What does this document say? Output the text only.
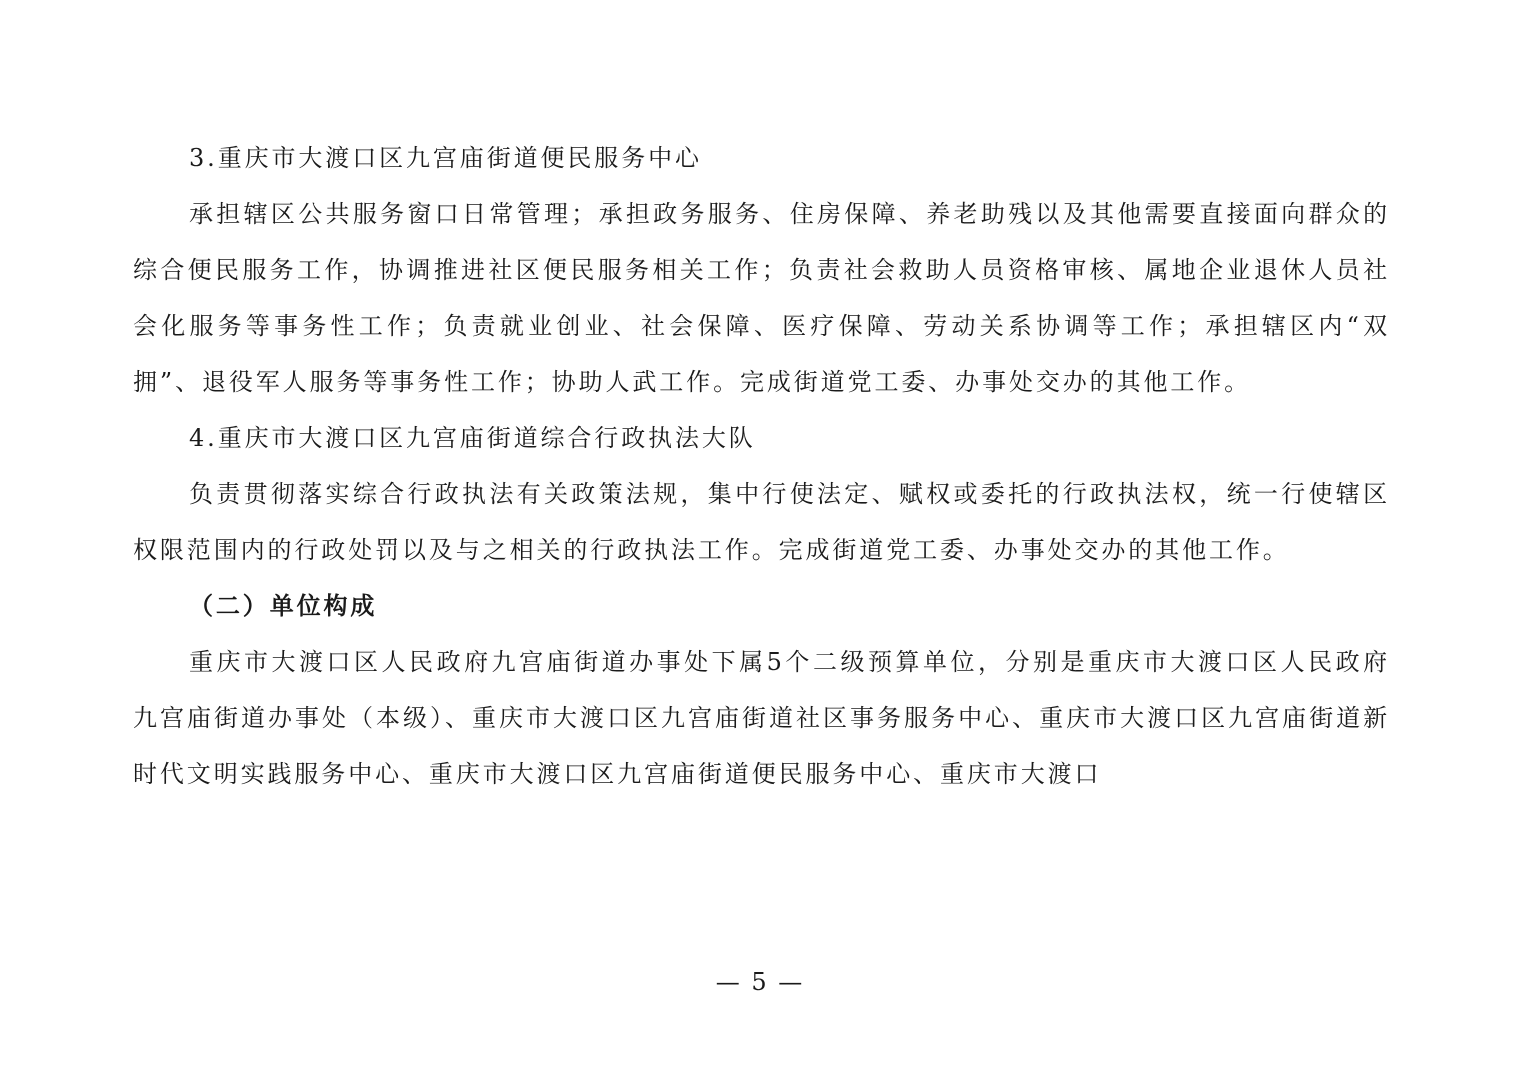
3.重庆市大渡口区九宫庙街道便民服务中心

承担辖区公共服务窗口日常管理；承担政务服务、住房保障、养老助残以及其他需要直接面向群众的综合便民服务工作，协调推进社区便民服务相关工作；负责社会救助人员资格审核、属地企业退休人员社会化服务等事务性工作；负责就业创业、社会保障、医疗保障、劳动关系协调等工作；承担辖区内“双拥”、退役军人服务等事务性工作；协助人武工作。完成街道党工委、办事处交办的其他工作。

4.重庆市大渡口区九宫庙街道综合行政执法大队

负责贯彻落实综合行政执法有关政策法规，集中行使法定、赋权或委托的行政执法权，统一行使辖区权限范围内的行政处罚以及与之相关的行政执法工作。完成街道党工委、办事处交办的其他工作。

（二）单位构成

重庆市大渡口区人民政府九宫庙街道办事处下属5个二级预算单位，分别是重庆市大渡口区人民政府九宫庙街道办事处（本级）、重庆市大渡口区九宫庙街道社区事务服务中心、重庆市大渡口区九宫庙街道新时代文明实践服务中心、重庆市大渡口区九宫庙街道便民服务中心、重庆市大渡口

— 5 —
